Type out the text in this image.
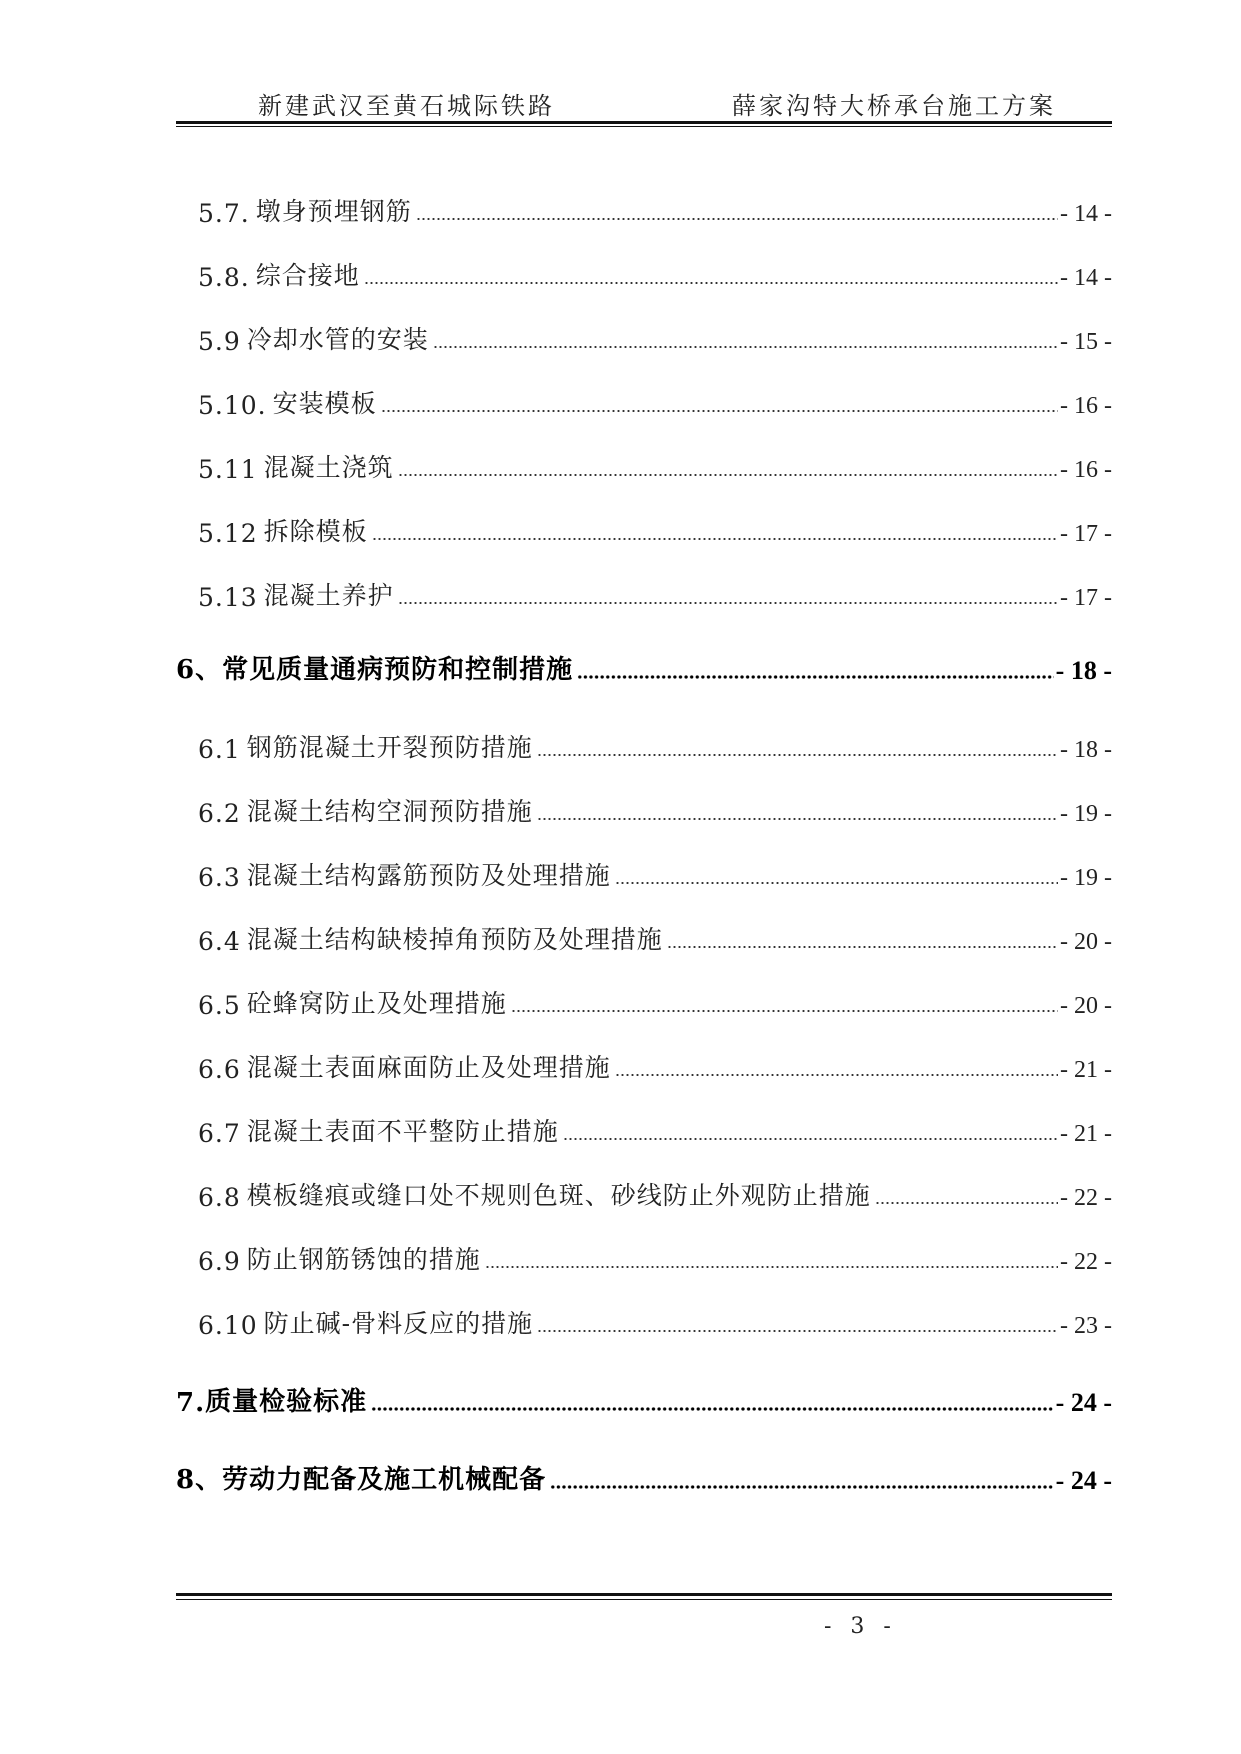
新建武汉至黄石城际铁路	薛家沟特大桥承台施工方案
5.7. 墩身预埋钢筋	- 14 -
5.8. 综合接地	- 14 -
5.9 冷却水管的安装	- 15 -
5.10. 安装模板	- 16 -
5.11 混凝土浇筑	- 16 -
5.12 拆除模板	- 17 -
5.13 混凝土养护	- 17 -
6、 常见质量通病预防和控制措施	- 18 -
6.1 钢筋混凝土开裂预防措施	- 18 -
6.2 混凝土结构空洞预防措施	- 19 -
6.3 混凝土结构露筋预防及处理措施	- 19 -
6.4 混凝土结构缺棱掉角预防及处理措施	- 20 -
6.5 砼蜂窝防止及处理措施	- 20 -
6.6 混凝土表面麻面防止及处理措施	- 21 -
6.7 混凝土表面不平整防止措施	- 21 -
6.8 模板缝痕或缝口处不规则色斑、砂线防止外观防止措施	- 22 -
6.9 防止钢筋锈蚀的措施	- 22 -
6.10 防止碱-骨料反应的措施	- 23 -
7. 质量检验标准	- 24 -
8、 劳动力配备及施工机械配备	- 24 -
- 3 -
